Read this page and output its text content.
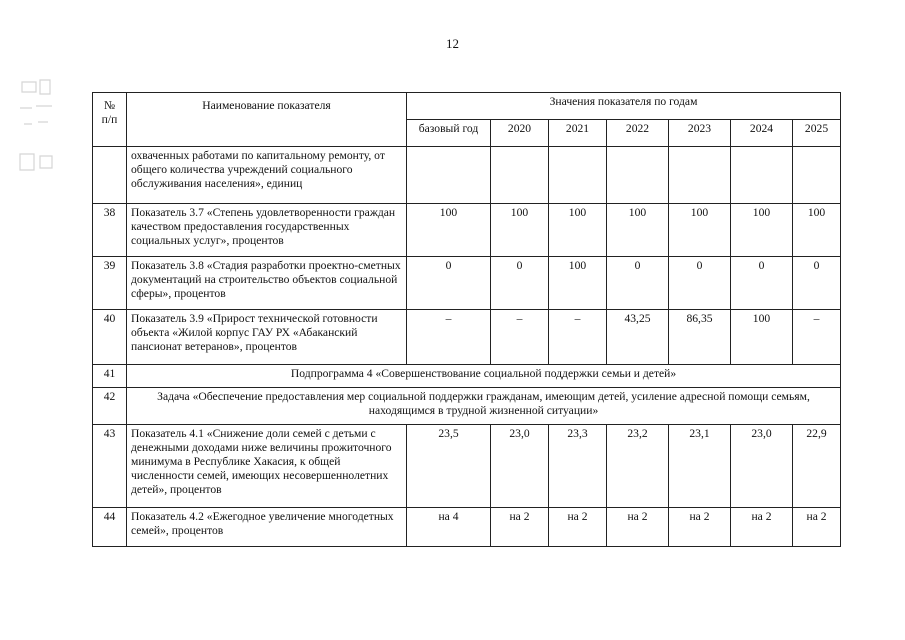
12
№
п/п	Наименование показателя	Значения показателя по годам						
		базовый год	2020	2021	2022	2023	2024	2025
	охваченных работами по капитальному ремонту, от общего количества учреждений социального обслуживания населения», единиц							
38	Показатель 3.7 «Степень удовлетворенности граждан качеством предоставления государственных социальных услуг», процентов	100	100	100	100	100	100	100
39	Показатель 3.8 «Стадия разработки проектно-сметных документаций на строительство объектов социальной сферы», процентов	0	0	100	0	0	0	0
40	Показатель 3.9 «Прирост технической готовности объекта «Жилой корпус ГАУ РХ «Абаканский пансионат ветеранов», процентов	–	–	–	43,25	86,35	100	–
41	Подпрограмма 4 «Совершенствование социальной поддержки семьи и детей»							
42	Задача «Обеспечение предоставления мер социальной поддержки гражданам, имеющим детей, усиление адресной помощи семьям, находящимся в трудной жизненной ситуации»							
43	Показатель 4.1 «Снижение доли семей с детьми с денежными доходами ниже величины прожиточного минимума в Республике Хакасия, к общей численности семей, имеющих несовершеннолетних детей», процентов	23,5	23,0	23,3	23,2	23,1	23,0	22,9
44	Показатель 4.2 «Ежегодное увеличение многодетных семей», процентов	на 4	на 2	на 2	на 2	на 2	на 2	на 2
